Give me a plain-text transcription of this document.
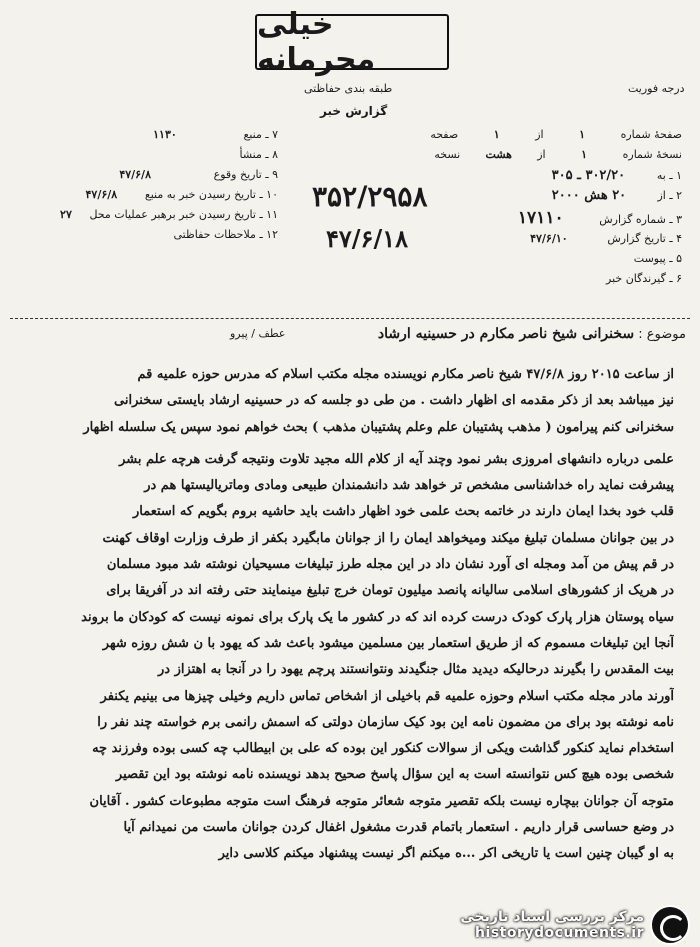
خیلی محرمانه
درجه فوریت
طبقه بندی حفاظتی
گزارش خبر
صفحهٔ شماره ۱ از ۱ صفحه
نسخهٔ شماره ۱ از هشت نسخه
۱ ـ به ۳۰۲/۲۰ ـ ۳۰۵
۲ ـ از ۲۰ هش ۲۰۰۰
۳ ـ شماره گزارش ۱۷۱۱۰
۴ ـ تاریخ گزارش ۴۷/۶/۱۰
۵ ـ پیوست
۶ ـ گیرندگان خبر
۷ ـ منبع ۱۱۳۰
۸ ـ منشأ
۹ ـ تاریخ وقوع ۴۷/۶/۸
۱۰ ـ تاریخ رسیدن خبر به منبع ۴۷/۶/۸
۱۱ ـ تاریخ رسیدن خبر برهبر عملیات محل ۲۷
۱۲ ـ ملاحظات حفاظتی
۳۵۲/۲۹۵۸
۴۷/۶/۱۸
موضوع : سخنرانی شیخ ناصر مکارم در حسینیه ارشاد
عطف / پیرو

از ساعت ۲۰۱۵ روز ۴۷/۶/۸ شیخ ناصر مکارم نویسنده مجله مکتب اسلام که مدرس حوزه علمیه قم

نیز میباشد بعد از ذکر مقدمه ای اظهار داشت . من طی دو جلسه که در حسینیه ارشاد بایستی سخنرانی

سخنرانی کنم پیرامون ( مذهب پشتیبان علم وعلم پشتیبان مذهب ) بحث خواهم نمود سپس یک سلسله اظهار

علمی درباره دانشهای امروزی بشر نمود وچند آیه از کلام الله مجید تلاوت ونتیجه گرفت هرچه علم بشر

پیشرفت نماید راه خداشناسی مشخص تر خواهد شد دانشمندان طبیعی ومادی وماتریالیستها هم در

قلب خود بخدا ایمان دارند در خاتمه بحث علمی خود اظهار داشت باید حاشیه بروم بگویم که استعمار

در بین جوانان مسلمان تبلیغ میکند ومیخواهد ایمان را از جوانان مابگیرد بکفر از طرف وزارت اوقاف کهنت

در قم پیش من آمد ومجله ای آورد نشان داد در این مجله طرز تبلیغات مسیحیان نوشته شد مبود مسلمان

در هریک از کشورهای اسلامی سالیانه پانصد میلیون تومان خرج تبلیغ مینمایند حتی رفته اند در آفریقا برای

سیاه پوستان هزار پارک کودک درست کرده اند که در کشور ما یک پارک برای نمونه نیست که کودکان ما بروند

آنجا این تبلیغات مسموم که از طریق استعمار بین مسلمین میشود باعث شد که یهود با ن شش روزه شهر

بیت المقدس را بگیرند درحالیکه دیدید مثال جنگیدند ونتوانستند پرچم یهود را در آنجا به اهتزاز در

آورند مادر مجله مکتب اسلام وحوزه علمیه قم باخیلی از اشخاص تماس داریم وخیلی چیزها می بینیم یکنفر

نامه نوشته بود برای من مضمون نامه این بود کیک سازمان دولتی که اسمش رانمی برم خواسته چند نفر را

استخدام نماید کنکور گذاشت ویکی از سوالات کنکور این بوده که علی بن ابیطالب چه کسی بوده وفرزند چه

شخصی بوده هیچ کس نتوانسته است به این سؤال پاسخ صحیح بدهد نویسنده نامه نوشته بود این تقصیر

متوجه آن جوانان بیچاره نیست بلکه تقصیر متوجه شعائر متوجه فرهنگ است متوجه مطبوعات کشور . آقایان

در وضع حساسی قرار داریم . استعمار باتمام قدرت مشغول اغفال کردن جوانان ماست من نمیدانم آیا

به او گیبان چنین است یا تاریخی اکر ...ه میکنم اگر نیست پیشنهاد میکنم کلاسی دایر

مرکز بررسی اسناد تاریخی
historydocuments.ir
